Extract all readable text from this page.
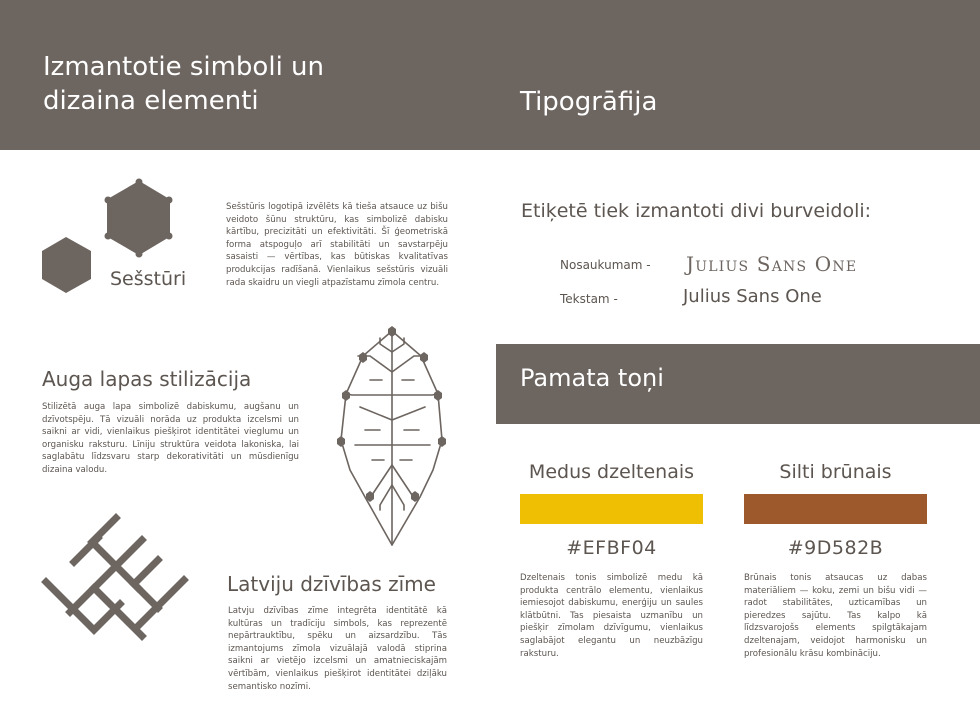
Izmantotie simboli un
dizaina elementi	Tipogrāfija
Sešstūri

Sešstūris logotipā izvēlēts kā tieša atsauce uz bišu veidoto šūnu struktūru, kas simbolizē dabisku kārtību, precizitāti un efektivitāti. Šī ģeometriskā forma atspoguļo arī stabilitāti un savstarpēju sasaisti — vērtības, kas būtiskas kvalitatīvas produkcijas radīšanā. Vienlaikus sešstūris vizuāli rada skaidru un viegli atpazīstamu zīmola centru.

Auga lapas stilizācija

Stilizētā auga lapa simbolizē dabiskumu, augšanu un dzīvotspēju. Tā vizuāli norāda uz produkta izcelsmi un saikni ar vidi, vienlaikus piešķirot identitātei vieglumu un organisku raksturu. Līniju struktūra veidota lakoniska, lai saglabātu līdzsvaru starp dekorativitāti un mūsdienīgu dizaina valodu.

Latviju dzīvības zīme

Latvju dzīvības zīme integrēta identitātē kā kultūras un tradīciju simbols, kas reprezentē nepārtrauktību, spēku un aizsardzību. Tās izmantojums zīmola vizuālajā valodā stiprina saikni ar vietējo izcelsmi un amatnieciskajām vērtībām, vienlaikus piešķirot identitātei dziļāku semantisko nozīmi.

Etiķetē tiek izmantoti divi burveidoli:
Nosaukumam - Julius Sans One
Tekstam -	Julius Sans One
Pamata toņi
Medus dzeltenais
#EFBF04

Dzeltenais tonis simbolizē medu kā produkta centrālo elementu, vienlaikus iemiesojot dabiskumu, enerģiju un saules klātbūtni. Tas piesaista uzmanību un piešķir zīmolam dzīvīgumu, vienlaikus saglabājot elegantu un neuzbāzīgu raksturu.

Silti brūnais
#9D582B

Brūnais tonis atsaucas uz dabas materiāliem — koku, zemi un bišu vidi — radot stabilitātes, uzticamības un pieredzes sajūtu. Tas kalpo kā līdzsvarojošs elements spilgtākajam dzeltenajam, veidojot harmonisku un profesionālu krāsu kombināciju.
